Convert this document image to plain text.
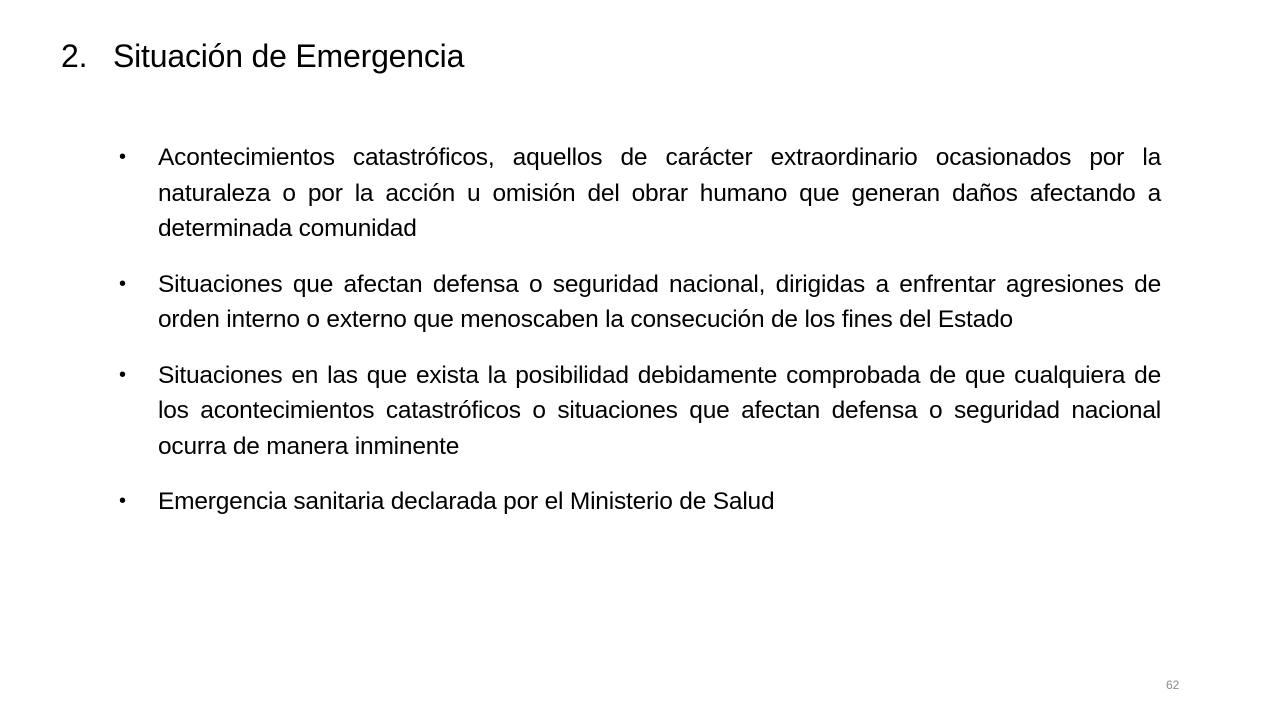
2. Situación de Emergencia
• Acontecimientos catastróficos, aquellos de carácter extraordinario ocasionados por la naturaleza o por la acción u omisión del obrar humano que generan daños afectando a determinada comunidad
• Situaciones que afectan defensa o seguridad nacional, dirigidas a enfrentar agresiones de orden interno o externo que menoscaben la consecución de los fines del Estado
• Situaciones en las que exista la posibilidad debidamente comprobada de que cualquiera de los acontecimientos catastróficos o situaciones que afectan defensa o seguridad nacional ocurra de manera inminente
• Emergencia sanitaria declarada por el Ministerio de Salud
62
